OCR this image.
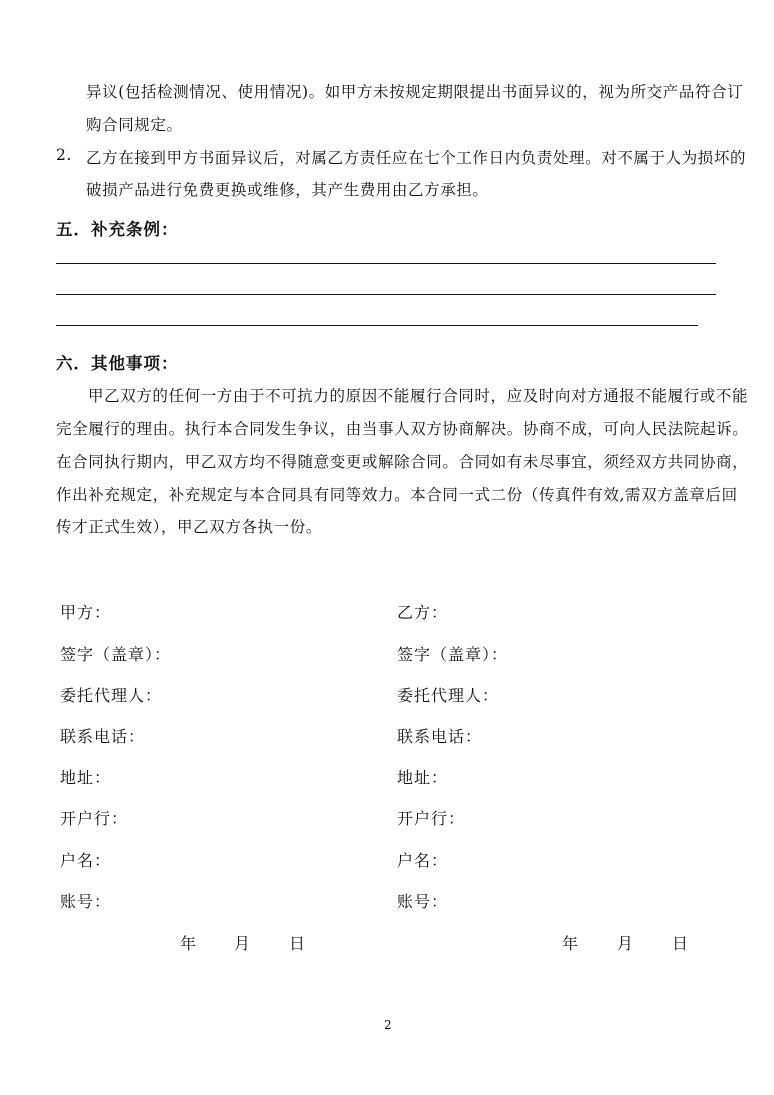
异议(包括检测情况、使用情况)。如甲方未按规定期限提出书面异议的，视为所交产品符合订
购合同规定。
2. 乙方在接到甲方书面异议后，对属乙方责任应在七个工作日内负责处理。对不属于人为损坏的
破损产品进行免费更换或维修，其产生费用由乙方承担。
五．补充条例：
六．其他事项：
甲乙双方的任何一方由于不可抗力的原因不能履行合同时，应及时向对方通报不能履行或不能
完全履行的理由。执行本合同发生争议，由当事人双方协商解决。协商不成，可向人民法院起诉。
在合同执行期内，甲乙双方均不得随意变更或解除合同。合同如有未尽事宜，须经双方共同协商，
作出补充规定，补充规定与本合同具有同等效力。本合同一式二份（传真件有效,需双方盖章后回
传才正式生效），甲乙双方各执一份。
甲方：
签字（盖章）：
委托代理人：
联系电话：
地址：
开户行：
户名：
账号：
乙方：
签字（盖章）：
委托代理人：
联系电话：
地址：
开户行：
户名：
账号：
年 月 日	年 月 日
2
